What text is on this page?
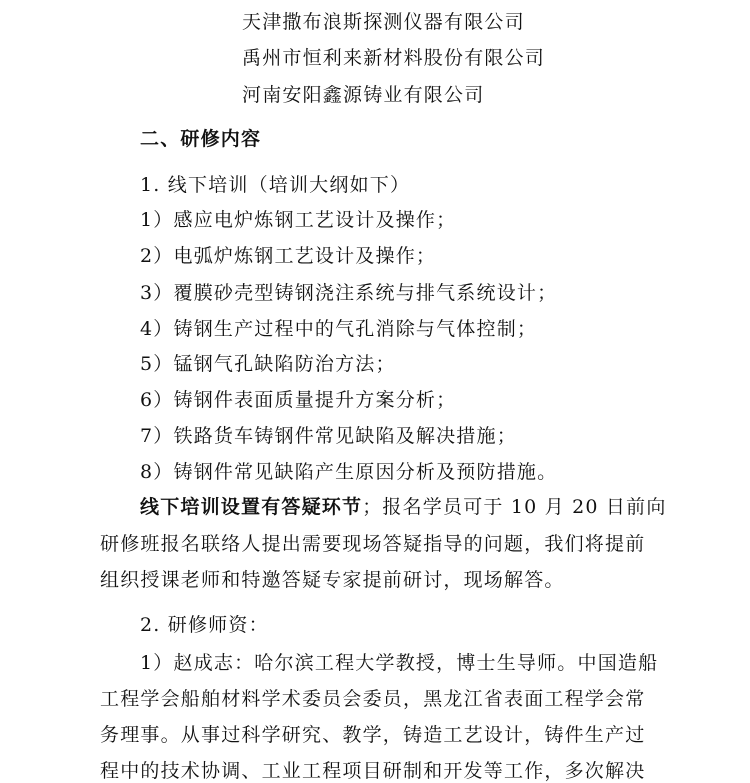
天津撒布浪斯探测仪器有限公司
禹州市恒利来新材料股份有限公司
河南安阳鑫源铸业有限公司
二、研修内容
1. 线下培训（培训大纲如下）
1）感应电炉炼钢工艺设计及操作；
2）电弧炉炼钢工艺设计及操作；
3）覆膜砂壳型铸钢浇注系统与排气系统设计；
4）铸钢生产过程中的气孔消除与气体控制；
5）锰钢气孔缺陷防治方法；
6）铸钢件表面质量提升方案分析；
7）铁路货车铸钢件常见缺陷及解决措施；
8）铸钢件常见缺陷产生原因分析及预防措施。
线下培训设置有答疑环节；报名学员可于 10 月 20 日前向
研修班报名联络人提出需要现场答疑指导的问题，我们将提前
组织授课老师和特邀答疑专家提前研讨，现场解答。
2. 研修师资：
1）赵成志：哈尔滨工程大学教授，博士生导师。中国造船
工程学会船舶材料学术委员会委员，黑龙江省表面工程学会常
务理事。从事过科学研究、教学，铸造工艺设计，铸件生产过
程中的技术协调、工业工程项目研制和开发等工作，多次解决
